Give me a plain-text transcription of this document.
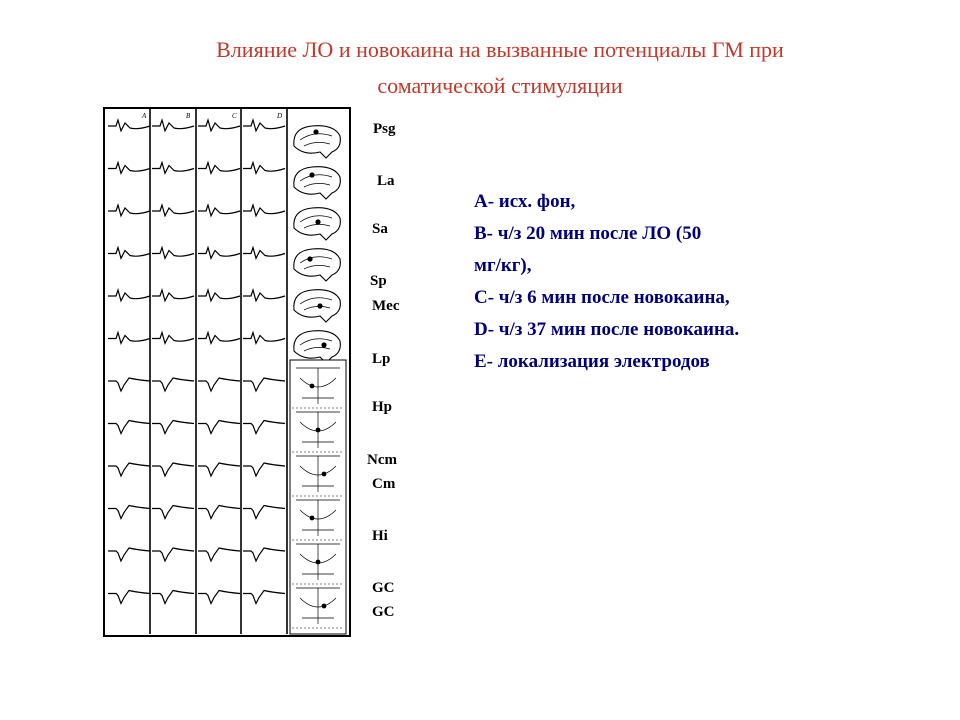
Влияние ЛО и новокаина на вызванные потенциалы ГМ при
соматической стимуляции
A	B	C	D
Psg
La
Sa
Sp
Mec
Lp
Hp
Ncm
Cm
Hi
GC
GC
А- исх. фон,
В- ч/з 20 мин после ЛО (50
мг/кг),
С- ч/з 6 мин после новокаина,
D- ч/з 37 мин после новокаина.
Е- локализация электродов
